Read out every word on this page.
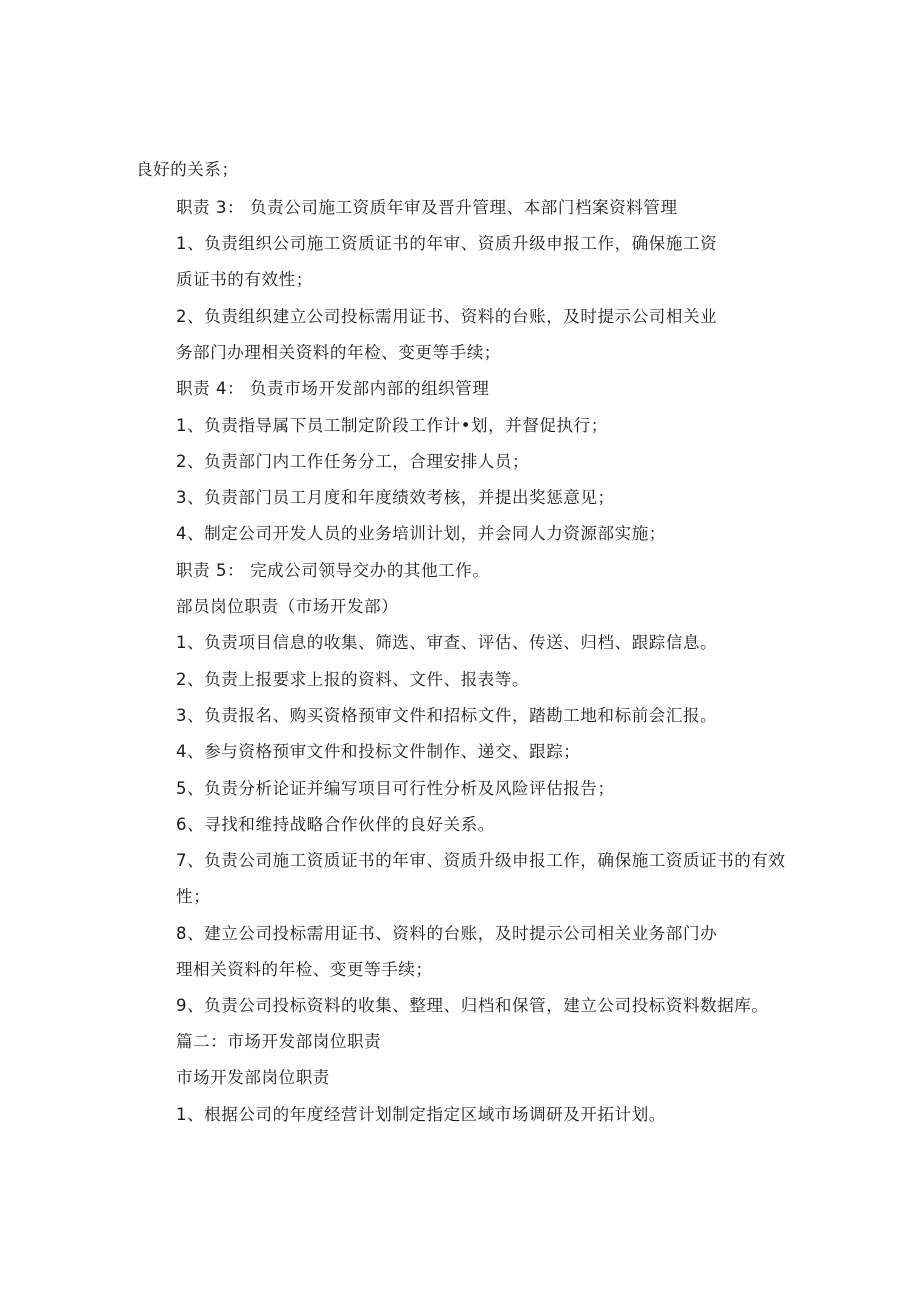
良好的关系；
职责 3： 负责公司施工资质年审及晋升管理、本部门档案资料管理
1、负责组织公司施工资质证书的年审、资质升级申报工作，确保施工资
质证书的有效性；
2、负责组织建立公司投标需用证书、资料的台账，及时提示公司相关业
务部门办理相关资料的年检、变更等手续；
职责 4： 负责市场开发部内部的组织管理
1、负责指导属下员工制定阶段工作计•划，并督促执行；
2、负责部门内工作任务分工，合理安排人员；
3、负责部门员工月度和年度绩效考核，并提出奖惩意见；
4、制定公司开发人员的业务培训计划，并会同人力资源部实施；
职责 5： 完成公司领导交办的其他工作。
部员岗位职责（市场开发部）
1、负责项目信息的收集、筛选、审查、评估、传送、归档、跟踪信息。
2、负责上报要求上报的资料、文件、报表等。
3、负责报名、购买资格预审文件和招标文件，踏勘工地和标前会汇报。
4、参与资格预审文件和投标文件制作、递交、跟踪；
5、负责分析论证并编写项目可行性分析及风险评估报告；
6、寻找和维持战略合作伙伴的良好关系。
7、负责公司施工资质证书的年审、资质升级申报工作，确保施工资质证书的有效
性；
8、建立公司投标需用证书、资料的台账，及时提示公司相关业务部门办
理相关资料的年检、变更等手续；
9、负责公司投标资料的收集、整理、归档和保管，建立公司投标资料数据库。
篇二：市场开发部岗位职责
市场开发部岗位职责
1、根据公司的年度经营计划制定指定区域市场调研及开拓计划。
